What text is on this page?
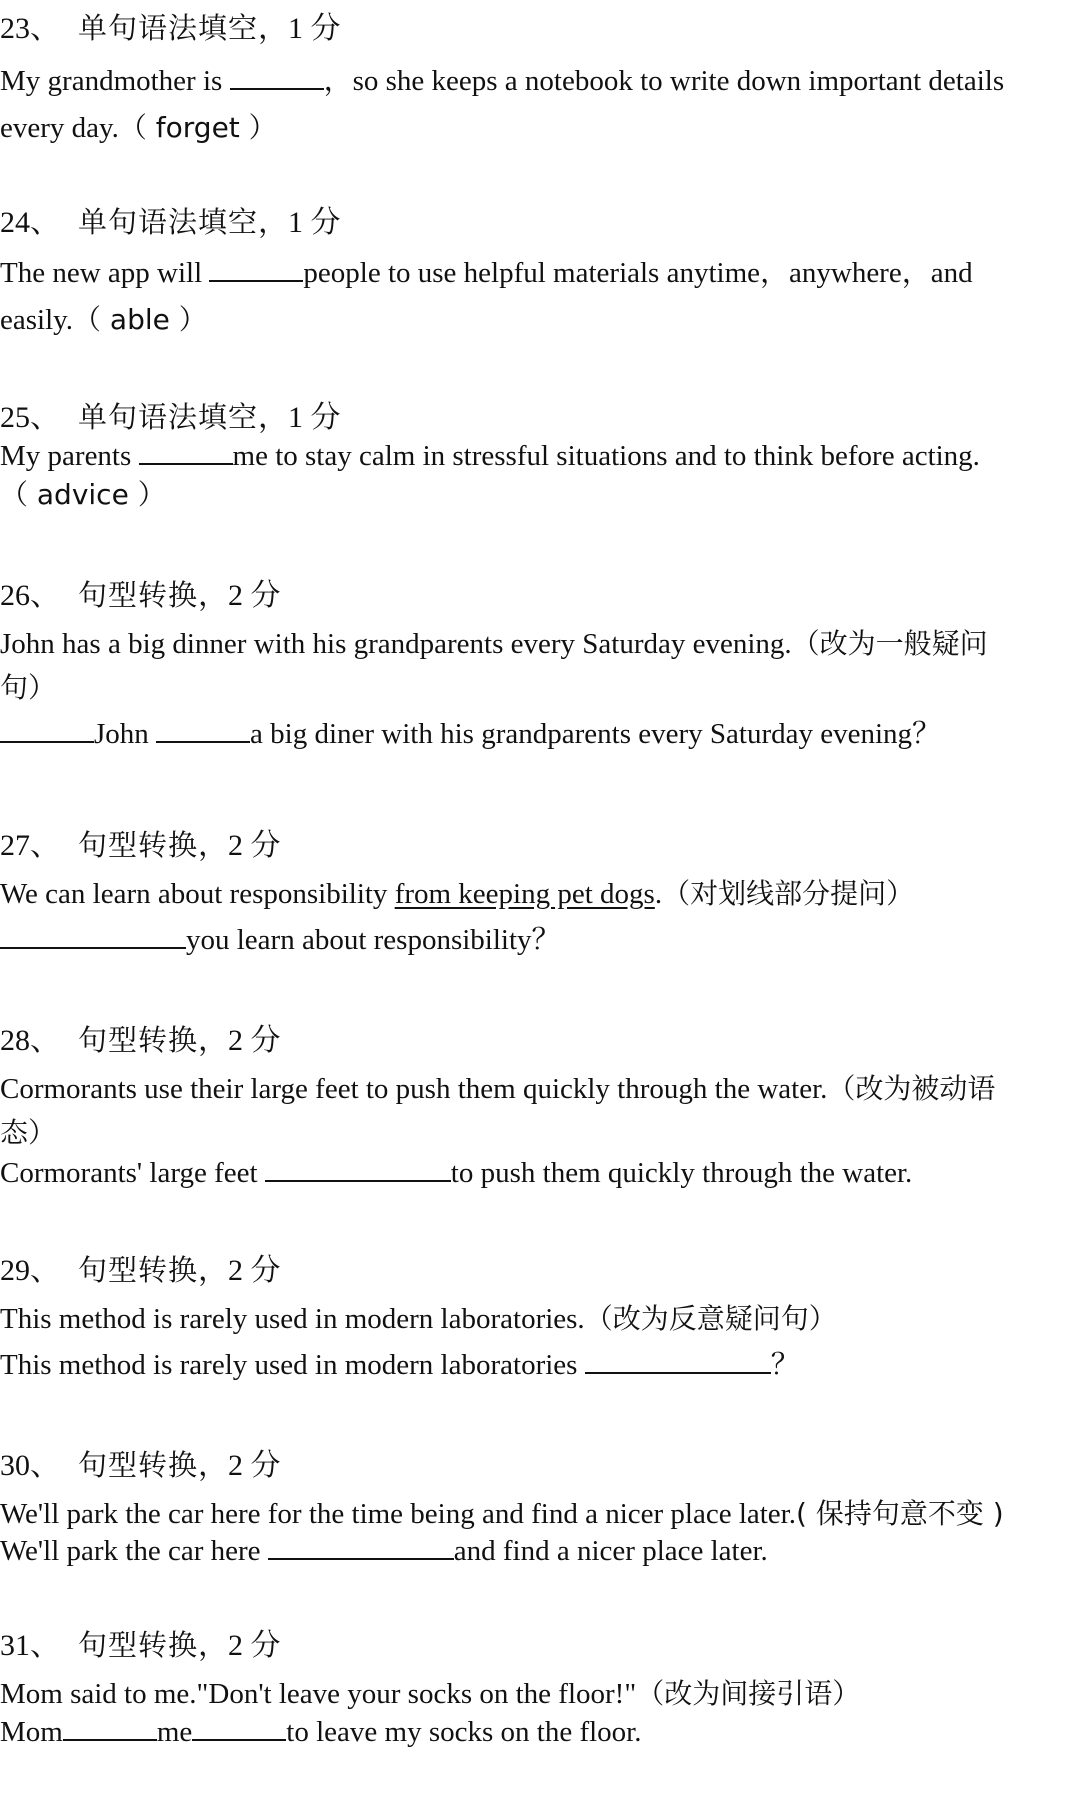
23、 单句语法填空，1 分
My grandmother is	，so she keeps a notebook to write down important details
every day.（ forget ）
24、 单句语法填空，1 分
The new app will	people to use helpful materials anytime，anywhere，and
easily.（ able ）
25、 单句语法填空，1 分
My parents	me to stay calm in stressful situations and to think before acting.
（ advice ）
26、 句型转换，2 分
John has a big dinner with his grandparents every Saturday evening.（改为一般疑问
句）
John	a big diner with his grandparents every Saturday evening？
27、 句型转换，2 分
We can learn about responsibility from keeping pet dogs.（对划线部分提问）
you learn about responsibility？
28、 句型转换，2 分
Cormorants use their large feet to push them quickly through the water.（改为被动语
态）
Cormorants' large feet	to push them quickly through the water.
29、 句型转换，2 分
This method is rarely used in modern laboratories.（改为反意疑问句）
This method is rarely used in modern laboratories	？
30、 句型转换，2 分
We'll park the car here for the time being and find a nicer place later.( 保持句意不变 )
We'll park the car here	and find a nicer place later.
31、 句型转换，2 分
Mom said to me."Don't leave your socks on the floor!"（改为间接引语）
Mom	me	to leave my socks on the floor.
